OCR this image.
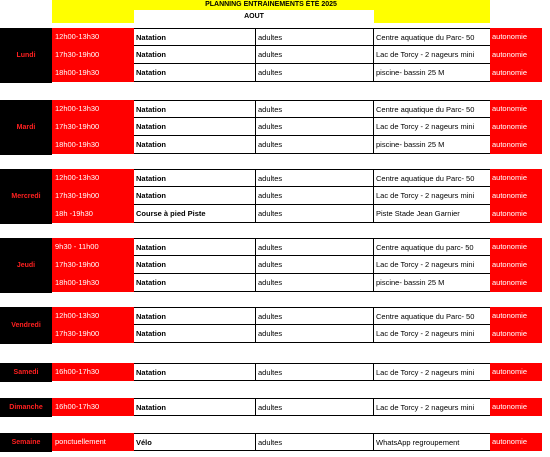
PLANNING ENTRAINEMENTS ÉTÉ 2025
AOUT
Lundi
12h00-13h30	Natation	adultes	Centre aquatique du Parc- 50	autonomie
17h30-19h00	Natation	adultes	Lac de Torcy - 2 nageurs mini	autonomie
18h00-19h30	Natation	adultes	piscine- bassin 25 M	autonomie
Mardi
12h00-13h30	Natation	adultes	Centre aquatique du Parc- 50	autonomie
17h30-19h00	Natation	adultes	Lac de Torcy - 2 nageurs mini	autonomie
18h00-19h30	Natation	adultes	piscine- bassin 25 M	autonomie
Mercredi
12h00-13h30	Natation	adultes	Centre aquatique du Parc- 50	autonomie
17h30-19h00	Natation	adultes	Lac de Torcy - 2 nageurs mini	autonomie
18h -19h30	Course à pied Piste	adultes	Piste Stade Jean Garnier	autonomie
Jeudi
9h30 - 11h00	Natation	adultes	Centre aquatique du parc- 50	autonomie
17h30-19h00	Natation	adultes	Lac de Torcy - 2 nageurs mini	autonomie
18h00-19h30	Natation	adultes	piscine- bassin 25 M	autonomie
Vendredi
12h00-13h30	Natation	adultes	Centre aquatique du Parc- 50	autonomie
17h30-19h00	Natation	adultes	Lac de Torcy - 2 nageurs mini	autonomie
Samedi	16h00-17h30	Natation	adultes	Lac de Torcy - 2 nageurs mini	autonomie
Dimanche	16h00-17h30	Natation	adultes	Lac de Torcy - 2 nageurs mini	autonomie
Semaine	ponctuellement	Vélo	adultes	WhatsApp regroupement	autonomie
